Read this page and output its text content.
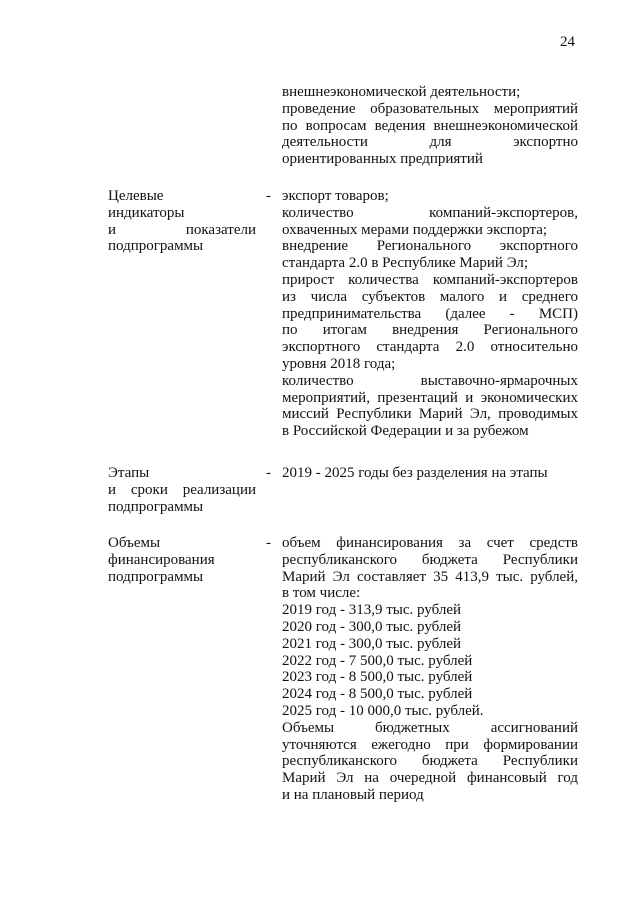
24
внешнеэкономической деятельности;
проведение образовательных мероприятий
по вопросам ведения внешнеэкономической
деятельности для экспортно
ориентированных предприятий
Целевые
индикаторы
и показатели
подпрограммы
- экспорт товаров;
количество компаний-экспортеров,
охваченных мерами поддержки экспорта;
внедрение Регионального экспортного
стандарта 2.0 в Республике Марий Эл;
прирост количества компаний-экспортеров
из числа субъектов малого и среднего
предпринимательства (далее - МСП)
по итогам внедрения Регионального
экспортного стандарта 2.0 относительно
уровня 2018 года;
количество выставочно-ярмарочных
мероприятий, презентаций и экономических
миссий Республики Марий Эл, проводимых
в Российской Федерации и за рубежом
Этапы
и сроки реализации
подпрограммы
- 2019 - 2025 годы без разделения на этапы
Объемы
финансирования
подпрограммы
- объем финансирования за счет средств
республиканского бюджета Республики
Марий Эл составляет 35 413,9 тыс. рублей,
в том числе:
2019 год - 313,9 тыс. рублей
2020 год - 300,0 тыс. рублей
2021 год - 300,0 тыс. рублей
2022 год - 7 500,0 тыс. рублей
2023 год - 8 500,0 тыс. рублей
2024 год - 8 500,0 тыс. рублей
2025 год - 10 000,0 тыс. рублей.
Объемы бюджетных ассигнований
уточняются ежегодно при формировании
республиканского бюджета Республики
Марий Эл на очередной финансовый год
и на плановый период
